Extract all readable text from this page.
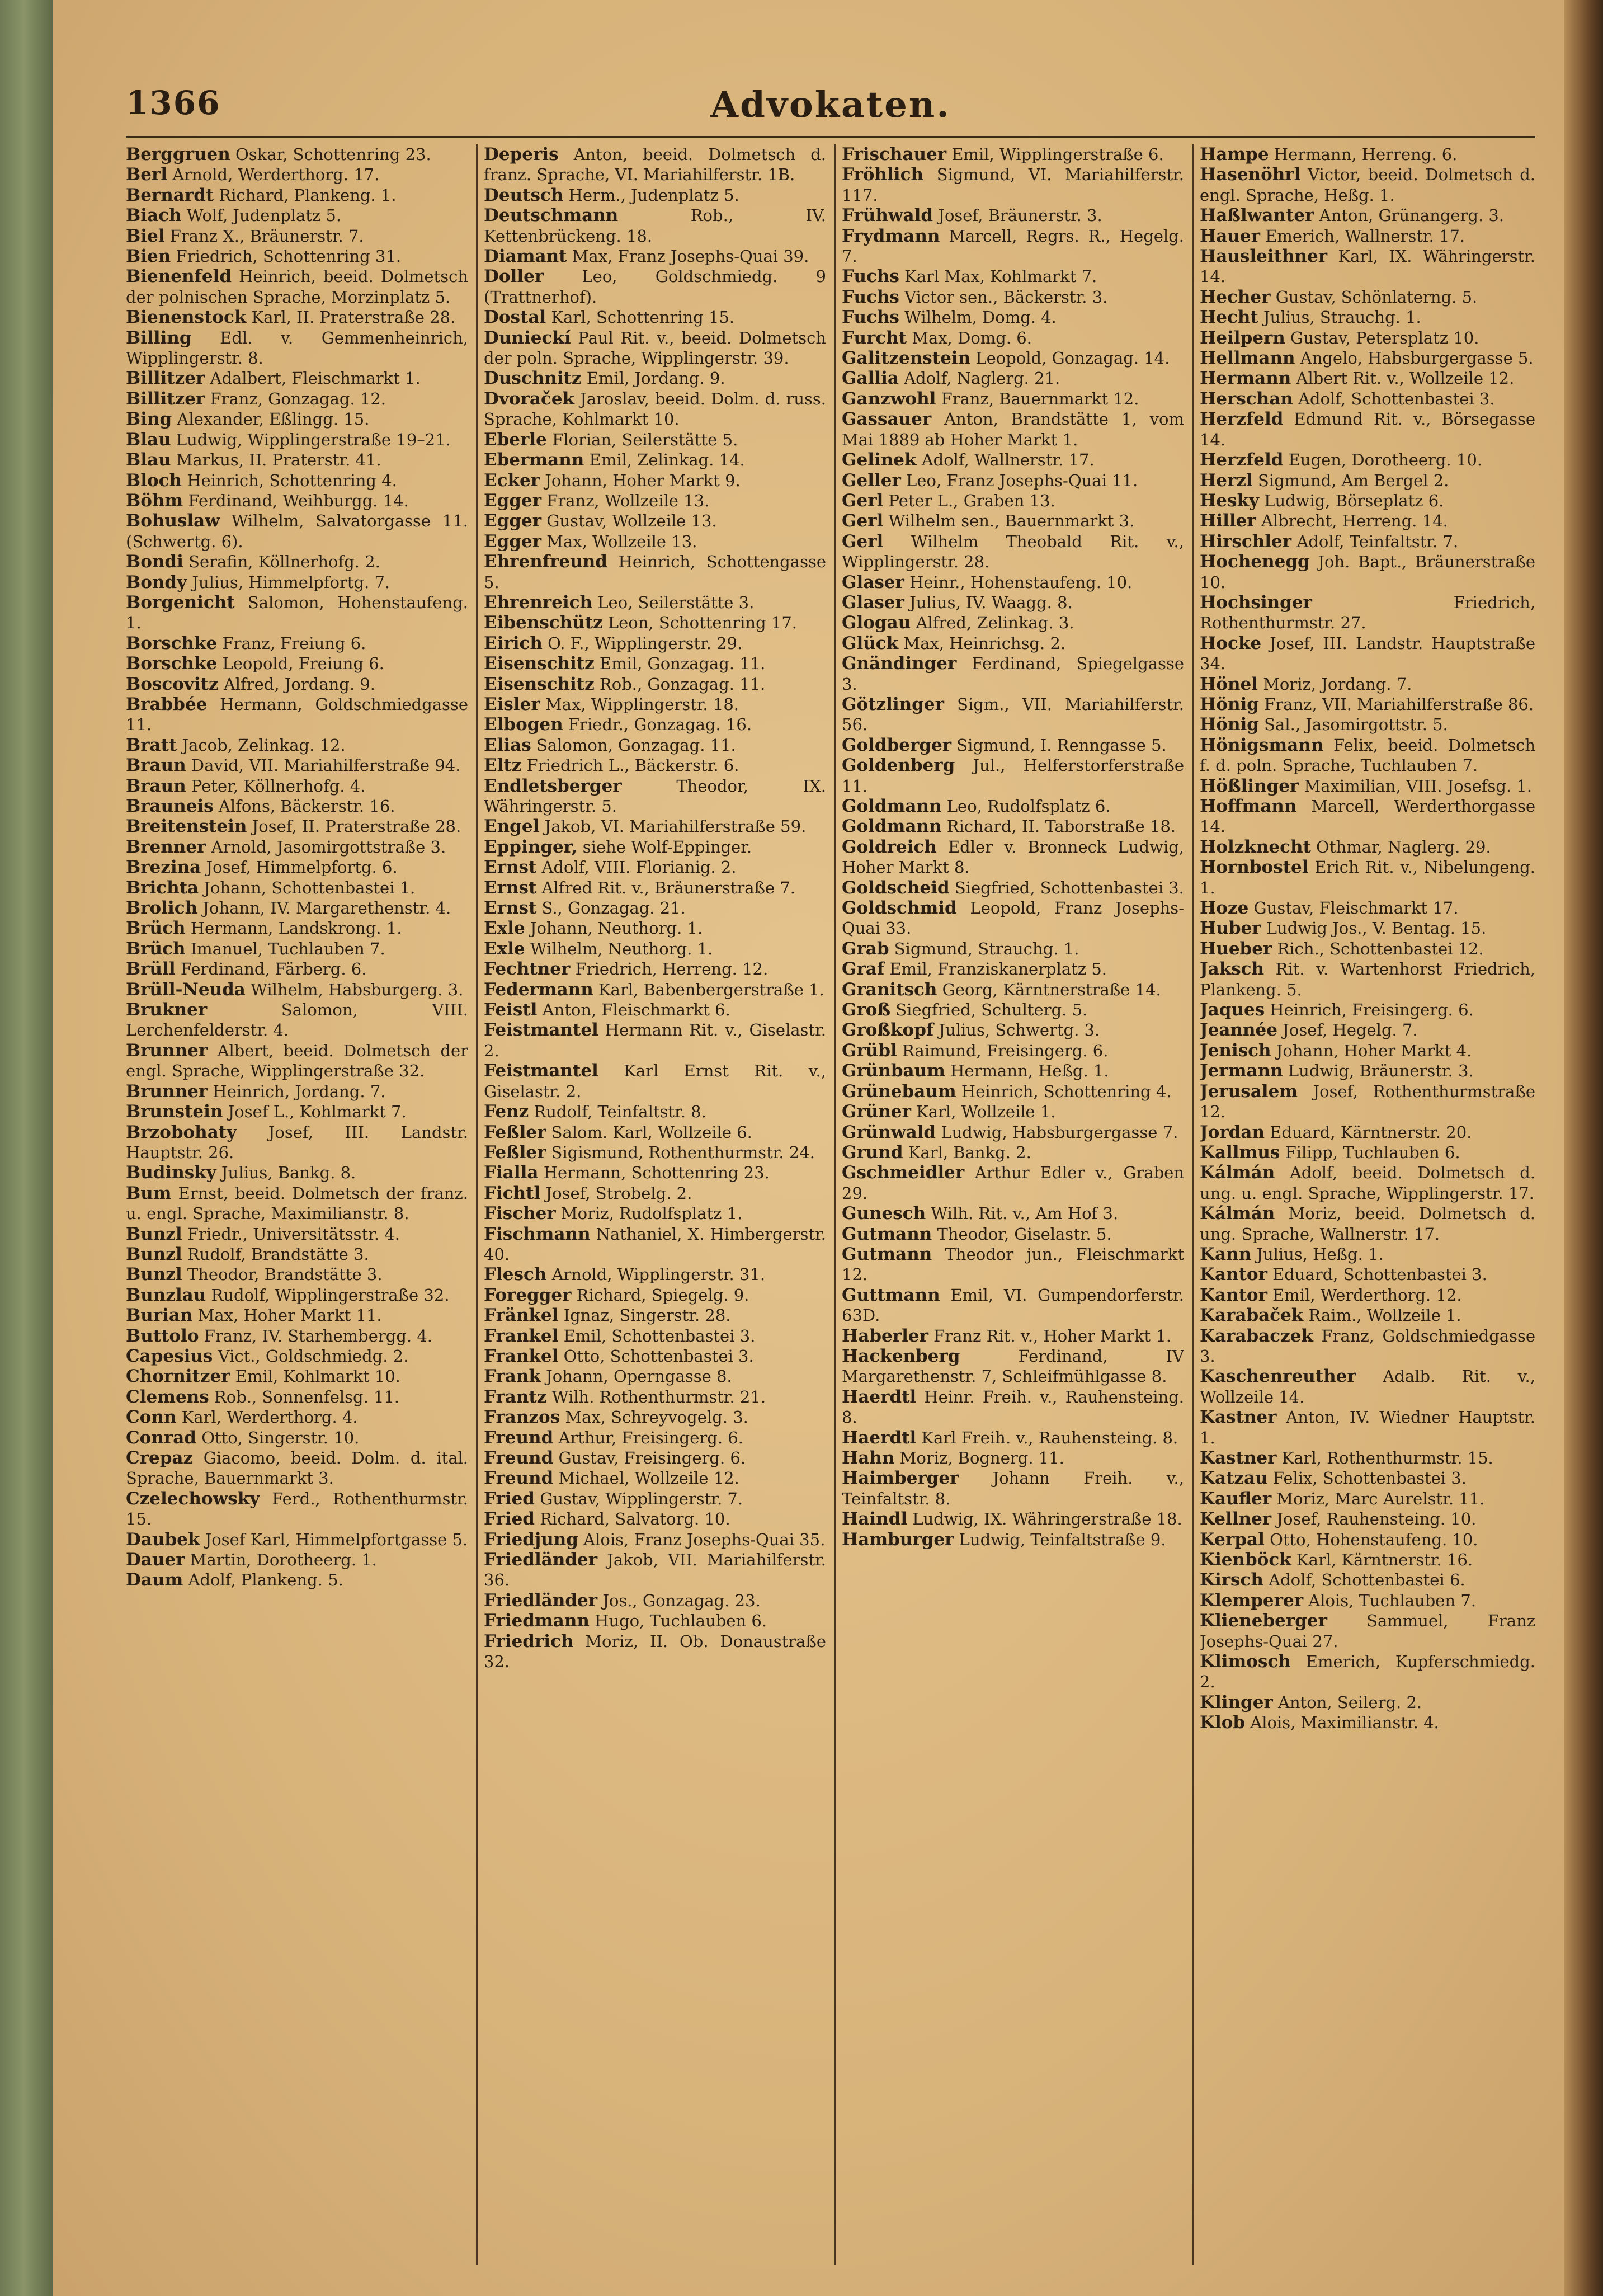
1366	Advokaten.
Berggruen Oskar, Schottenring 23.
Berl Arnold, Werderthorg. 17.
Bernardt Richard, Plankeng. 1.
Biach Wolf, Judenplatz 5.
Biel Franz X., Bräunerstr. 7.
Bien Friedrich, Schottenring 31.
Bienenfeld Heinrich, beeid. Dolmetsch der polnischen Sprache, Morzinplatz 5.
Bienenstock Karl, II. Praterstraße 28.
Billing Edl. v. Gemmenheinrich, Wipplingerstr. 8.
Billitzer Adalbert, Fleischmarkt 1.
Billitzer Franz, Gonzagag. 12.
Bing Alexander, Eßlingg. 15.
Blau Ludwig, Wipplingerstraße 19–21.
Blau Markus, II. Praterstr. 41.
Bloch Heinrich, Schottenring 4.
Böhm Ferdinand, Weihburgg. 14.
Bohuslaw Wilhelm, Salvatorgasse 11. (Schwertg. 6).
Bondi Serafin, Köllnerhofg. 2.
Bondy Julius, Himmelpfortg. 7.
Borgenicht Salomon, Hohenstaufeng. 1.
Borschke Franz, Freiung 6.
Borschke Leopold, Freiung 6.
Boscovitz Alfred, Jordang. 9.
Brabbée Hermann, Goldschmiedgasse 11.
Bratt Jacob, Zelinkag. 12.
Braun David, VII. Mariahilferstraße 94.
Braun Peter, Köllnerhofg. 4.
Brauneis Alfons, Bäckerstr. 16.
Breitenstein Josef, II. Praterstraße 28.
Brenner Arnold, Jasomirgottstraße 3.
Brezina Josef, Himmelpfortg. 6.
Brichta Johann, Schottenbastei 1.
Brolich Johann, IV. Margarethenstr. 4.
Brüch Hermann, Landskrong. 1.
Brüch Imanuel, Tuchlauben 7.
Brüll Ferdinand, Färberg. 6.
Brüll-Neuda Wilhelm, Habsburgerg. 3.
Brukner Salomon, VIII. Lerchenfelderstr. 4.
Brunner Albert, beeid. Dolmetsch der engl. Sprache, Wipplingerstraße 32.
Brunner Heinrich, Jordang. 7.
Brunstein Josef L., Kohlmarkt 7.
Brzobohaty Josef, III. Landstr. Hauptstr. 26.
Budinsky Julius, Bankg. 8.
Bum Ernst, beeid. Dolmetsch der franz. u. engl. Sprache, Maximilianstr. 8.
Bunzl Friedr., Universitätsstr. 4.
Bunzl Rudolf, Brandstätte 3.
Bunzl Theodor, Brandstätte 3.
Bunzlau Rudolf, Wipplingerstraße 32.
Burian Max, Hoher Markt 11.
Buttolo Franz, IV. Starhembergg. 4.
Capesius Vict., Goldschmiedg. 2.
Chornitzer Emil, Kohlmarkt 10.
Clemens Rob., Sonnenfelsg. 11.
Conn Karl, Werderthorg. 4.
Conrad Otto, Singerstr. 10.
Crepaz Giacomo, beeid. Dolm. d. ital. Sprache, Bauernmarkt 3.
Czelechowsky Ferd., Rothenthurmstr. 15.
Daubek Josef Karl, Himmelpfortgasse 5.
Dauer Martin, Dorotheerg. 1.
Daum Adolf, Plankeng. 5.
Deperis Anton, beeid. Dolmetsch d. franz. Sprache, VI. Mariahilferstr. 1B.
Deutsch Herm., Judenplatz 5.
Deutschmann Rob., IV. Kettenbrückeng. 18.
Diamant Max, Franz Josephs-Quai 39.
Doller Leo, Goldschmiedg. 9 (Trattnerhof).
Dostal Karl, Schottenring 15.
Dunieckí Paul Rit. v., beeid. Dolmetsch der poln. Sprache, Wipplingerstr. 39.
Duschnitz Emil, Jordang. 9.
Dvoraček Jaroslav, beeid. Dolm. d. russ. Sprache, Kohlmarkt 10.
Eberle Florian, Seilerstätte 5.
Ebermann Emil, Zelinkag. 14.
Ecker Johann, Hoher Markt 9.
Egger Franz, Wollzeile 13.
Egger Gustav, Wollzeile 13.
Egger Max, Wollzeile 13.
Ehrenfreund Heinrich, Schottengasse 5.
Ehrenreich Leo, Seilerstätte 3.
Eibenschütz Leon, Schottenring 17.
Eirich O. F., Wipplingerstr. 29.
Eisenschitz Emil, Gonzagag. 11.
Eisenschitz Rob., Gonzagag. 11.
Eisler Max, Wipplingerstr. 18.
Elbogen Friedr., Gonzagag. 16.
Elias Salomon, Gonzagag. 11.
Eltz Friedrich L., Bäckerstr. 6.
Endletsberger Theodor, IX. Währingerstr. 5.
Engel Jakob, VI. Mariahilferstraße 59.
Eppinger, siehe Wolf-Eppinger.
Ernst Adolf, VIII. Florianig. 2.
Ernst Alfred Rit. v., Bräunerstraße 7.
Ernst S., Gonzagag. 21.
Exle Johann, Neuthorg. 1.
Exle Wilhelm, Neuthorg. 1.
Fechtner Friedrich, Herreng. 12.
Federmann Karl, Babenbergerstraße 1.
Feistl Anton, Fleischmarkt 6.
Feistmantel Hermann Rit. v., Giselastr. 2.
Feistmantel Karl Ernst Rit. v., Giselastr. 2.
Fenz Rudolf, Teinfaltstr. 8.
Feßler Salom. Karl, Wollzeile 6.
Feßler Sigismund, Rothenthurmstr. 24.
Fialla Hermann, Schottenring 23.
Fichtl Josef, Strobelg. 2.
Fischer Moriz, Rudolfsplatz 1.
Fischmann Nathaniel, X. Himbergerstr. 40.
Flesch Arnold, Wipplingerstr. 31.
Foregger Richard, Spiegelg. 9.
Fränkel Ignaz, Singerstr. 28.
Frankel Emil, Schottenbastei 3.
Frankel Otto, Schottenbastei 3.
Frank Johann, Operngasse 8.
Frantz Wilh. Rothenthurmstr. 21.
Franzos Max, Schreyvogelg. 3.
Freund Arthur, Freisingerg. 6.
Freund Gustav, Freisingerg. 6.
Freund Michael, Wollzeile 12.
Fried Gustav, Wipplingerstr. 7.
Fried Richard, Salvatorg. 10.
Friedjung Alois, Franz Josephs-Quai 35.
Friedländer Jakob, VII. Mariahilferstr. 36.
Friedländer Jos., Gonzagag. 23.
Friedmann Hugo, Tuchlauben 6.
Friedrich Moriz, II. Ob. Donaustraße 32.
Frischauer Emil, Wipplingerstraße 6.
Fröhlich Sigmund, VI. Mariahilferstr. 117.
Frühwald Josef, Bräunerstr. 3.
Frydmann Marcell, Regrs. R., Hegelg. 7.
Fuchs Karl Max, Kohlmarkt 7.
Fuchs Victor sen., Bäckerstr. 3.
Fuchs Wilhelm, Domg. 4.
Furcht Max, Domg. 6.
Galitzenstein Leopold, Gonzagag. 14.
Gallia Adolf, Naglerg. 21.
Ganzwohl Franz, Bauernmarkt 12.
Gassauer Anton, Brandstätte 1, vom Mai 1889 ab Hoher Markt 1.
Gelinek Adolf, Wallnerstr. 17.
Geller Leo, Franz Josephs-Quai 11.
Gerl Peter L., Graben 13.
Gerl Wilhelm sen., Bauernmarkt 3.
Gerl Wilhelm Theobald Rit. v., Wipplingerstr. 28.
Glaser Heinr., Hohenstaufeng. 10.
Glaser Julius, IV. Waagg. 8.
Glogau Alfred, Zelinkag. 3.
Glück Max, Heinrichsg. 2.
Gnändinger Ferdinand, Spiegelgasse 3.
Götzlinger Sigm., VII. Mariahilferstr. 56.
Goldberger Sigmund, I. Renngasse 5.
Goldenberg Jul., Helferstorferstraße 11.
Goldmann Leo, Rudolfsplatz 6.
Goldmann Richard, II. Taborstraße 18.
Goldreich Edler v. Bronneck Ludwig, Hoher Markt 8.
Goldscheid Siegfried, Schottenbastei 3.
Goldschmid Leopold, Franz Josephs-Quai 33.
Grab Sigmund, Strauchg. 1.
Graf Emil, Franziskanerplatz 5.
Granitsch Georg, Kärntnerstraße 14.
Groß Siegfried, Schulterg. 5.
Großkopf Julius, Schwertg. 3.
Grübl Raimund, Freisingerg. 6.
Grünbaum Hermann, Heßg. 1.
Grünebaum Heinrich, Schottenring 4.
Grüner Karl, Wollzeile 1.
Grünwald Ludwig, Habsburgergasse 7.
Grund Karl, Bankg. 2.
Gschmeidler Arthur Edler v., Graben 29.
Gunesch Wilh. Rit. v., Am Hof 3.
Gutmann Theodor, Giselastr. 5.
Gutmann Theodor jun., Fleischmarkt 12.
Guttmann Emil, VI. Gumpendorferstr. 63D.
Haberler Franz Rit. v., Hoher Markt 1.
Hackenberg Ferdinand, IV Margarethenstr. 7, Schleifmühlgasse 8.
Haerdtl Heinr. Freih. v., Rauhensteing. 8.
Haerdtl Karl Freih. v., Rauhensteing. 8.
Hahn Moriz, Bognerg. 11.
Haimberger Johann Freih. v., Teinfaltstr. 8.
Haindl Ludwig, IX. Währingerstraße 18.
Hamburger Ludwig, Teinfaltstraße 9.
Hampe Hermann, Herreng. 6.
Hasenöhrl Victor, beeid. Dolmetsch d. engl. Sprache, Heßg. 1.
Haßlwanter Anton, Grünangerg. 3.
Hauer Emerich, Wallnerstr. 17.
Hausleithner Karl, IX. Währingerstr. 14.
Hecher Gustav, Schönlaterng. 5.
Hecht Julius, Strauchg. 1.
Heilpern Gustav, Petersplatz 10.
Hellmann Angelo, Habsburgergasse 5.
Hermann Albert Rit. v., Wollzeile 12.
Herschan Adolf, Schottenbastei 3.
Herzfeld Edmund Rit. v., Börsegasse 14.
Herzfeld Eugen, Dorotheerg. 10.
Herzl Sigmund, Am Bergel 2.
Hesky Ludwig, Börseplatz 6.
Hiller Albrecht, Herreng. 14.
Hirschler Adolf, Teinfaltstr. 7.
Hochenegg Joh. Bapt., Bräunerstraße 10.
Hochsinger Friedrich, Rothenthurmstr. 27.
Hocke Josef, III. Landstr. Hauptstraße 34.
Hönel Moriz, Jordang. 7.
Hönig Franz, VII. Mariahilferstraße 86.
Hönig Sal., Jasomirgottstr. 5.
Hönigsmann Felix, beeid. Dolmetsch f. d. poln. Sprache, Tuchlauben 7.
Hößlinger Maximilian, VIII. Josefsg. 1.
Hoffmann Marcell, Werderthorgasse 14.
Holzknecht Othmar, Naglerg. 29.
Hornbostel Erich Rit. v., Nibelungeng. 1.
Hoze Gustav, Fleischmarkt 17.
Huber Ludwig Jos., V. Bentag. 15.
Hueber Rich., Schottenbastei 12.
Jaksch Rit. v. Wartenhorst Friedrich, Plankeng. 5.
Jaques Heinrich, Freisingerg. 6.
Jeannée Josef, Hegelg. 7.
Jenisch Johann, Hoher Markt 4.
Jermann Ludwig, Bräunerstr. 3.
Jerusalem Josef, Rothenthurmstraße 12.
Jordan Eduard, Kärntnerstr. 20.
Kallmus Filipp, Tuchlauben 6.
Kálmán Adolf, beeid. Dolmetsch d. ung. u. engl. Sprache, Wipplingerstr. 17.
Kálmán Moriz, beeid. Dolmetsch d. ung. Sprache, Wallnerstr. 17.
Kann Julius, Heßg. 1.
Kantor Eduard, Schottenbastei 3.
Kantor Emil, Werderthorg. 12.
Karabaček Raim., Wollzeile 1.
Karabaczek Franz, Goldschmiedgasse 3.
Kaschenreuther Adalb. Rit. v., Wollzeile 14.
Kastner Anton, IV. Wiedner Hauptstr. 1.
Kastner Karl, Rothenthurmstr. 15.
Katzau Felix, Schottenbastei 3.
Kaufler Moriz, Marc Aurelstr. 11.
Kellner Josef, Rauhensteing. 10.
Kerpal Otto, Hohenstaufeng. 10.
Kienböck Karl, Kärntnerstr. 16.
Kirsch Adolf, Schottenbastei 6.
Klemperer Alois, Tuchlauben 7.
Klieneberger Sammuel, Franz Josephs-Quai 27.
Klimosch Emerich, Kupferschmiedg. 2.
Klinger Anton, Seilerg. 2.
Klob Alois, Maximilianstr. 4.
